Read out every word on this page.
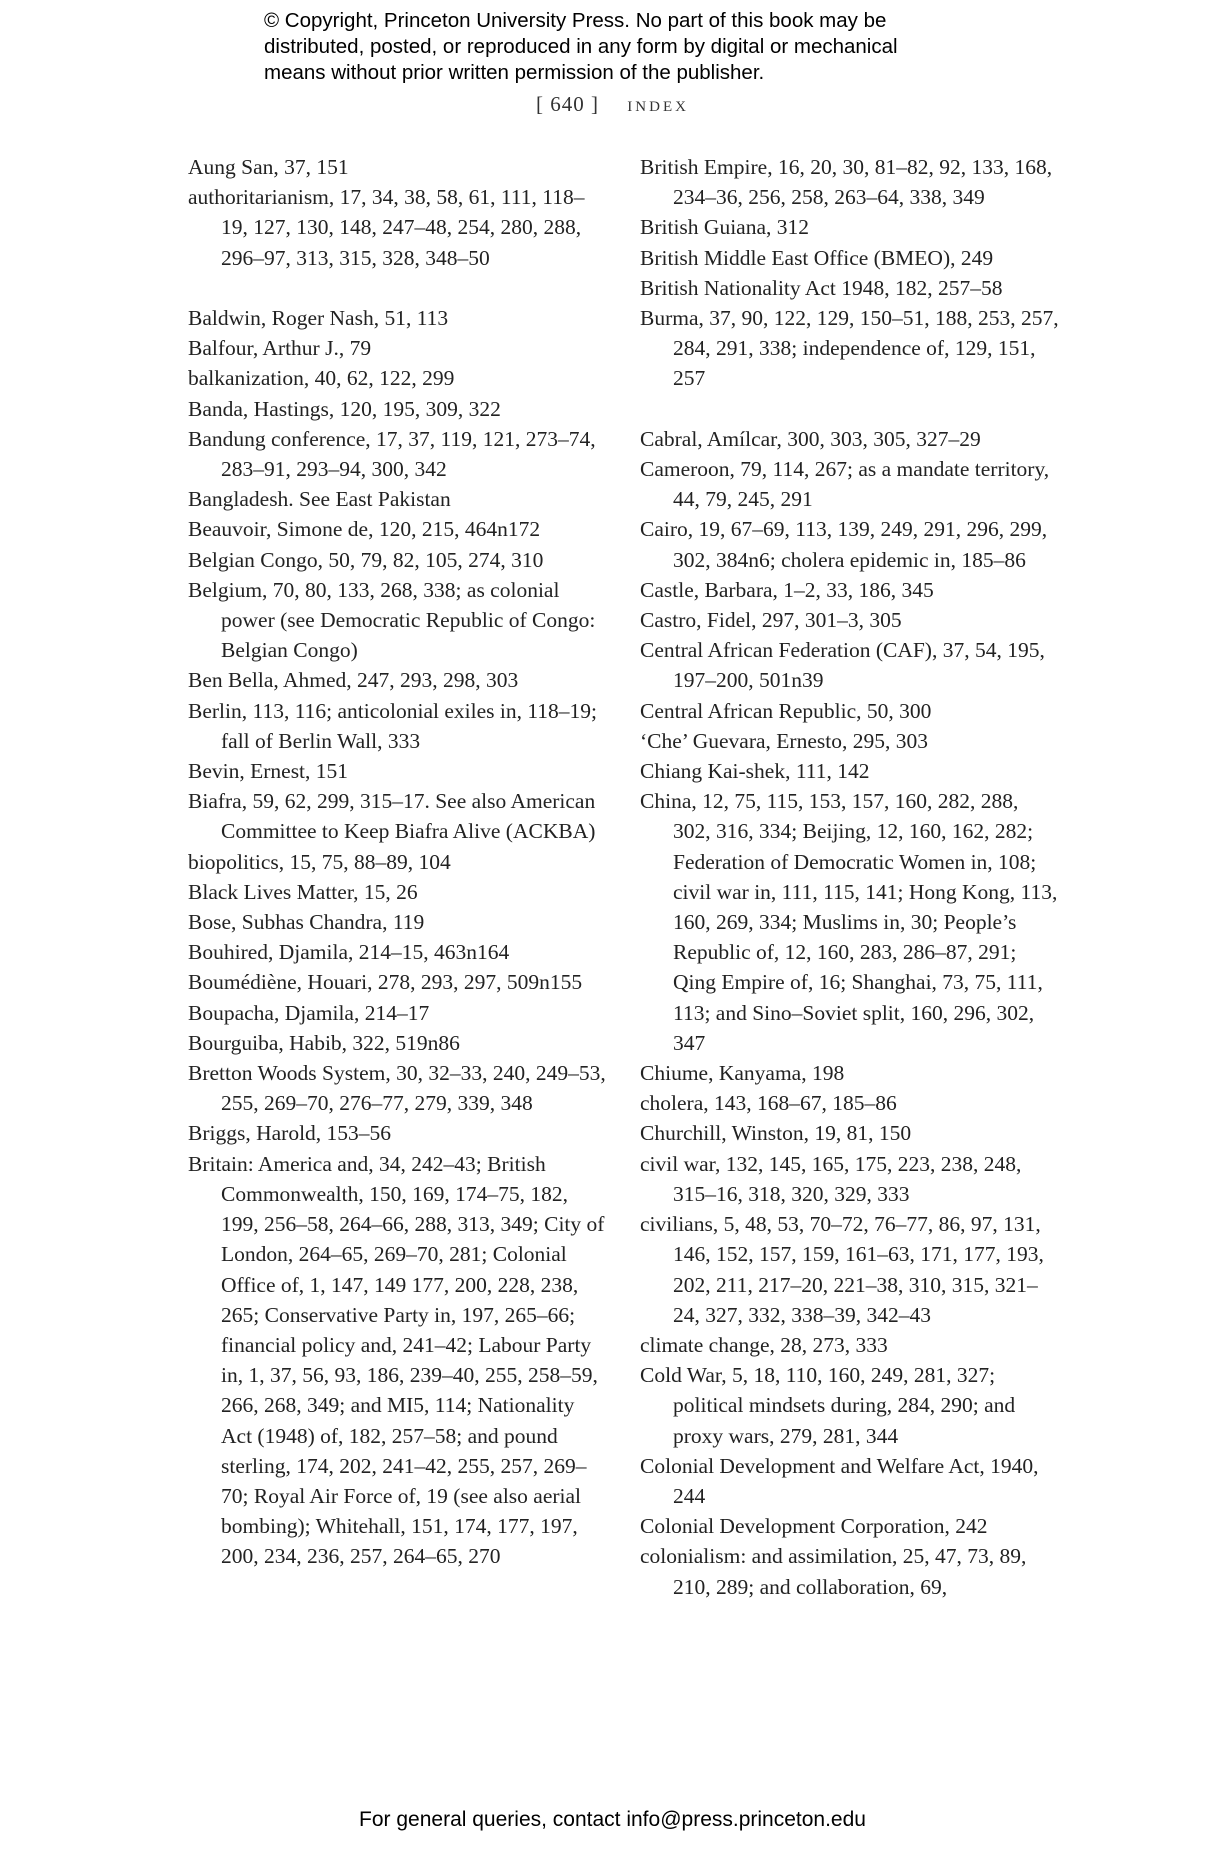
© Copyright, Princeton University Press. No part of this book may be
distributed, posted, or reproduced in any form by digital or mechanical
means without prior written permission of the publisher.
[ 640 ] index

Aung San, 37, 151

authoritarianism, 17, 34, 38, 58, 61, 111, 118–19, 127, 130, 148, 247–48, 254, 280, 288, 296–97, 313, 315, 328, 348–50

Baldwin, Roger Nash, 51, 113

Balfour, Arthur J., 79

balkanization, 40, 62, 122, 299

Banda, Hastings, 120, 195, 309, 322

Bandung conference, 17, 37, 119, 121, 273–74, 283–91, 293–94, 300, 342

Bangladesh. See East Pakistan

Beauvoir, Simone de, 120, 215, 464n172

Belgian Congo, 50, 79, 82, 105, 274, 310

Belgium, 70, 80, 133, 268, 338; as colonial power (see Democratic Republic of Congo: Belgian Congo)

Ben Bella, Ahmed, 247, 293, 298, 303

Berlin, 113, 116; anticolonial exiles in, 118–19; fall of Berlin Wall, 333

Bevin, Ernest, 151

Biafra, 59, 62, 299, 315–17. See also American Committee to Keep Biafra Alive (ACKBA)

biopolitics, 15, 75, 88–89, 104

Black Lives Matter, 15, 26

Bose, Subhas Chandra, 119

Bouhired, Djamila, 214–15, 463n164

Boumédiène, Houari, 278, 293, 297, 509n155

Boupacha, Djamila, 214–17

Bourguiba, Habib, 322, 519n86

Bretton Woods System, 30, 32–33, 240, 249–53, 255, 269–70, 276–77, 279, 339, 348

Briggs, Harold, 153–56

Britain: America and, 34, 242–43; British Commonwealth, 150, 169, 174–75, 182, 199, 256–58, 264–66, 288, 313, 349; City of London, 264–65, 269–70, 281; Colonial Office of, 1, 147, 149 177, 200, 228, 238, 265; Conservative Party in, 197, 265–66; financial policy and, 241–42; Labour Party in, 1, 37, 56, 93, 186, 239–40, 255, 258–59, 266, 268, 349; and MI5, 114; Nationality Act (1948) of, 182, 257–58; and pound sterling, 174, 202, 241–42, 255, 257, 269–70; Royal Air Force of, 19 (see also aerial bombing); Whitehall, 151, 174, 177, 197, 200, 234, 236, 257, 264–65, 270

British Empire, 16, 20, 30, 81–82, 92, 133, 168, 234–36, 256, 258, 263–64, 338, 349

British Guiana, 312

British Middle East Office (BMEO), 249

British Nationality Act 1948, 182, 257–58

Burma, 37, 90, 122, 129, 150–51, 188, 253, 257, 284, 291, 338; independence of, 129, 151, 257

Cabral, Amílcar, 300, 303, 305, 327–29

Cameroon, 79, 114, 267; as a mandate territory, 44, 79, 245, 291

Cairo, 19, 67–69, 113, 139, 249, 291, 296, 299, 302, 384n6; cholera epidemic in, 185–86

Castle, Barbara, 1–2, 33, 186, 345

Castro, Fidel, 297, 301–3, 305

Central African Federation (CAF), 37, 54, 195, 197–200, 501n39

Central African Republic, 50, 300

‘Che’ Guevara, Ernesto, 295, 303

Chiang Kai-shek, 111, 142

China, 12, 75, 115, 153, 157, 160, 282, 288, 302, 316, 334; Beijing, 12, 160, 162, 282; Federation of Democratic Women in, 108; civil war in, 111, 115, 141; Hong Kong, 113, 160, 269, 334; Muslims in, 30; People’s Republic of, 12, 160, 283, 286–87, 291; Qing Empire of, 16; Shanghai, 73, 75, 111, 113; and Sino–Soviet split, 160, 296, 302, 347

Chiume, Kanyama, 198

cholera, 143, 168–67, 185–86

Churchill, Winston, 19, 81, 150

civil war, 132, 145, 165, 175, 223, 238, 248, 315–16, 318, 320, 329, 333

civilians, 5, 48, 53, 70–72, 76–77, 86, 97, 131, 146, 152, 157, 159, 161–63, 171, 177, 193, 202, 211, 217–20, 221–38, 310, 315, 321–24, 327, 332, 338–39, 342–43

climate change, 28, 273, 333

Cold War, 5, 18, 110, 160, 249, 281, 327; political mindsets during, 284, 290; and proxy wars, 279, 281, 344

Colonial Development and Welfare Act, 1940, 244

Colonial Development Corporation, 242

colonialism: and assimilation, 25, 47, 73, 89, 210, 289; and collaboration, 69,

For general queries, contact info@press.princeton.edu
